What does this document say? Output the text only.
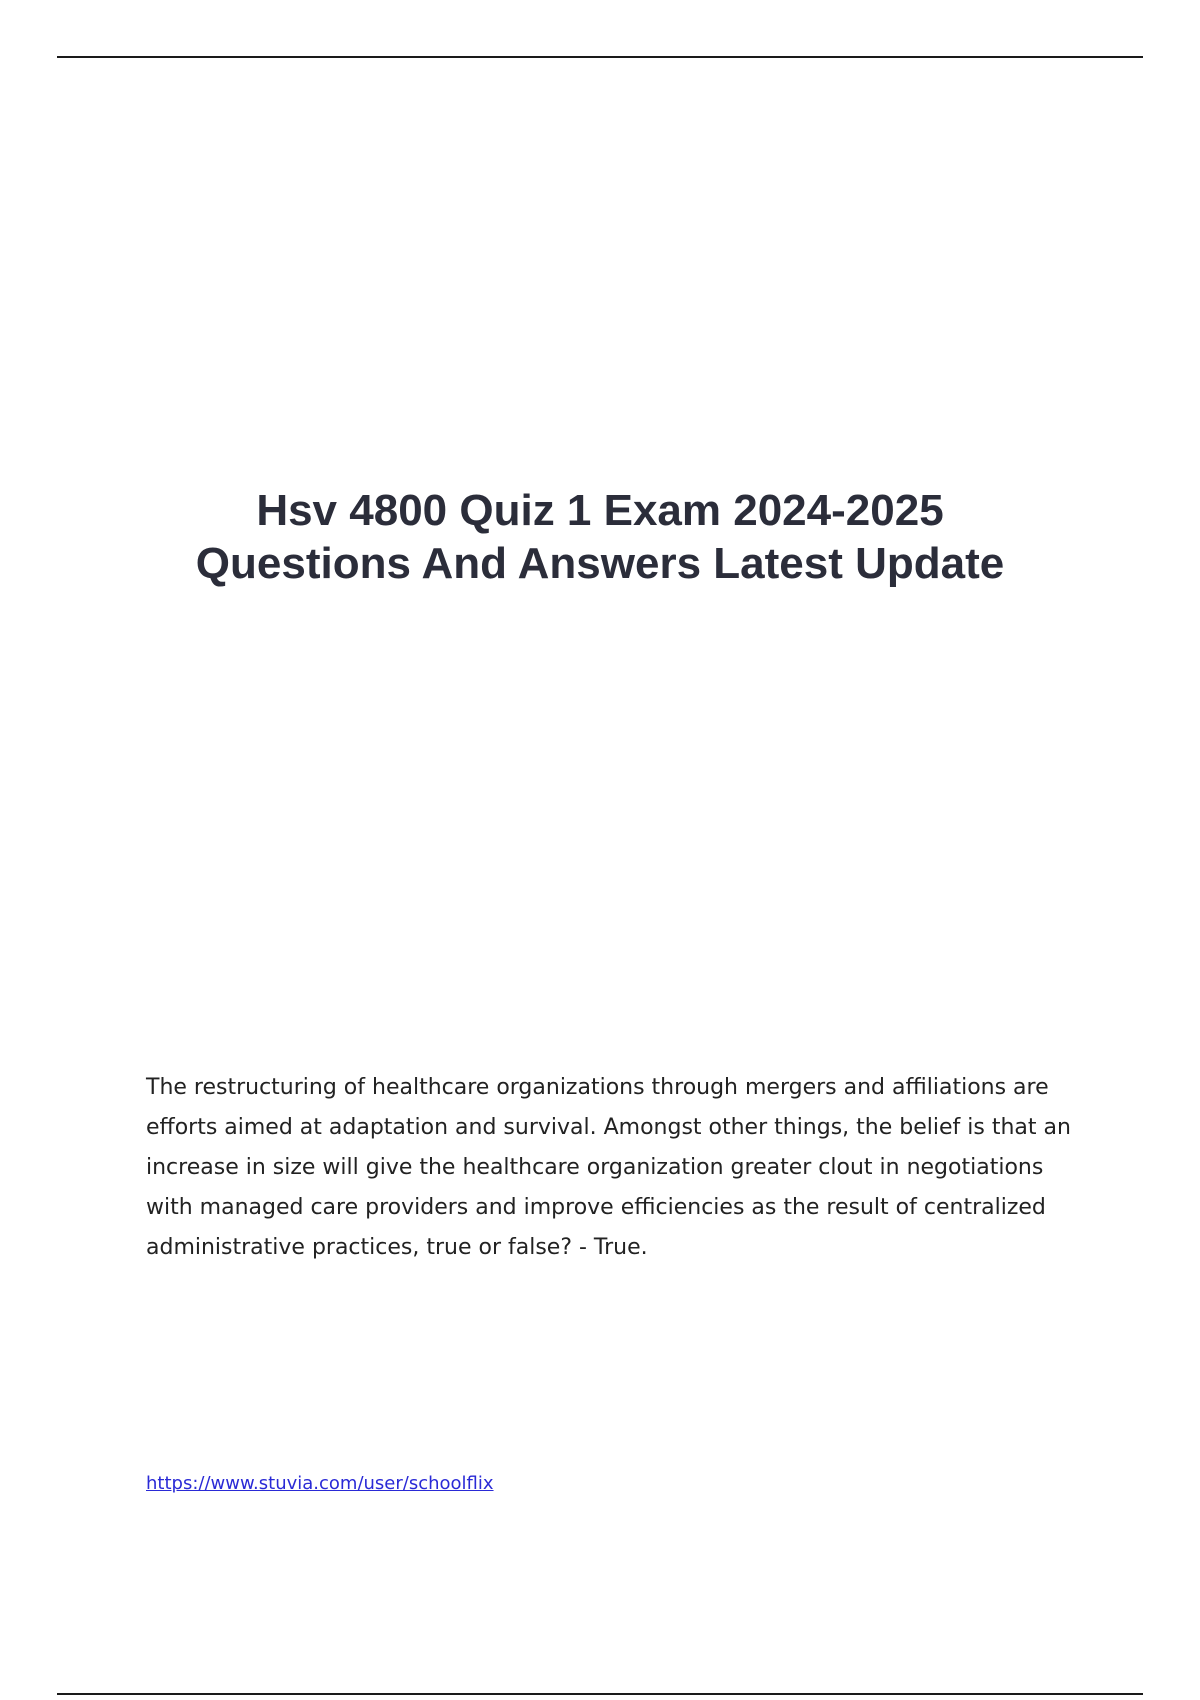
Hsv 4800 Quiz 1 Exam 2024-2025
Questions And Answers Latest Update

The restructuring of healthcare organizations through mergers and affiliations are efforts aimed at adaptation and survival. Amongst other things, the belief is that an increase in size will give the healthcare organization greater clout in negotiations with managed care providers and improve efficiencies as the result of centralized administrative practices, true or false? - True.

https://www.stuvia.com/user/schoolflix
